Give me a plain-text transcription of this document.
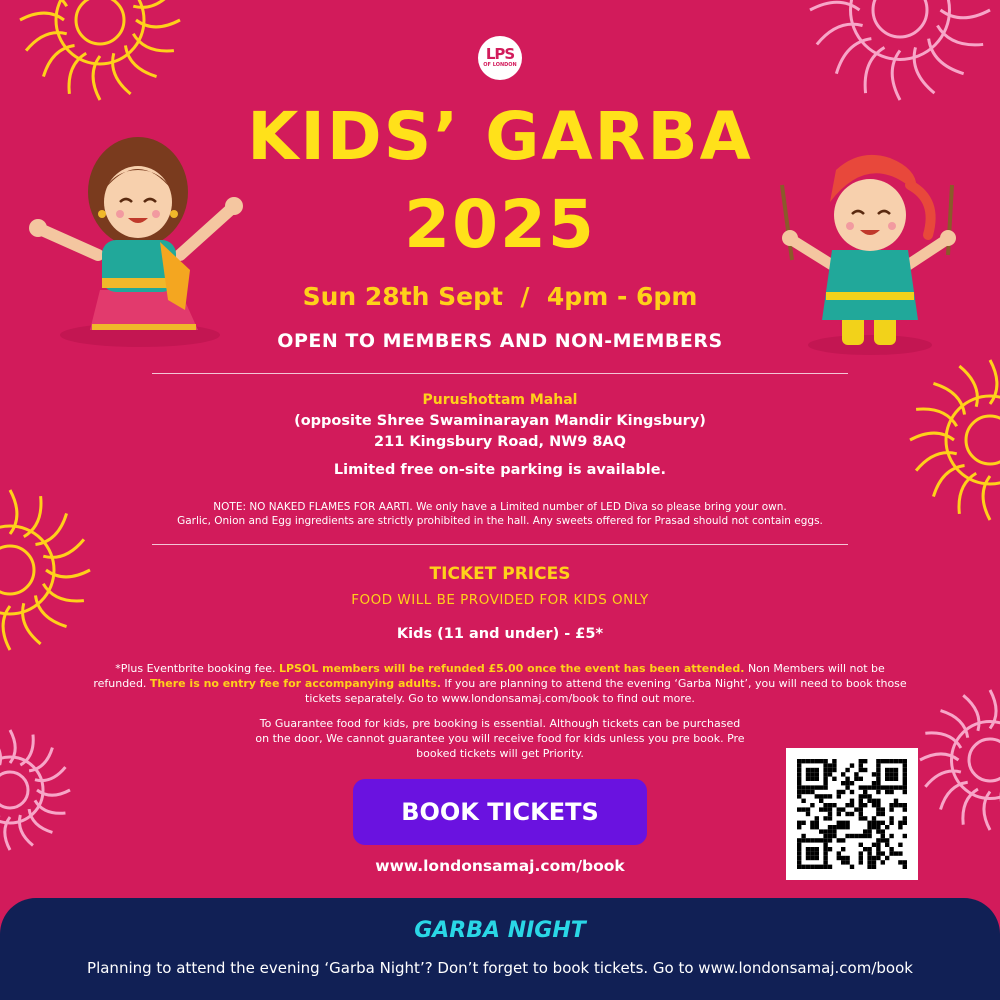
LPS
OF LONDON
KIDS’ GARBA
2025
Sun 28th Sept  /  4pm - 6pm
OPEN TO MEMBERS AND NON-MEMBERS
Purushottam Mahal
(opposite Shree Swaminarayan Mandir Kingsbury)
211 Kingsbury Road, NW9 8AQ
Limited free on-site parking is available.
NOTE: NO NAKED FLAMES FOR AARTI. We only have a Limited number of LED Diva so please bring your own.
Garlic, Onion and Egg ingredients are strictly prohibited in the hall. Any sweets offered for Prasad should not contain eggs.
TICKET PRICES
FOOD WILL BE PROVIDED FOR KIDS ONLY
Kids (11 and under) - £5*
*Plus Eventbrite booking fee. LPSOL members will be refunded £5.00 once the event has been attended. Non Members will not be refunded. There is no entry fee for accompanying adults. If you are planning to attend the evening ‘Garba Night’, you will need to book those tickets separately. Go to www.londonsamaj.com/book to find out more.
To Guarantee food for kids, pre booking is essential. Although tickets can be purchased on the door, We cannot guarantee you will receive food for kids unless you pre book. Pre booked tickets will get Priority.
BOOK TICKETS
www.londonsamaj.com/book
GARBA NIGHT
Planning to attend the evening ‘Garba Night’? Don’t forget to book tickets. Go to www.londonsamaj.com/book
